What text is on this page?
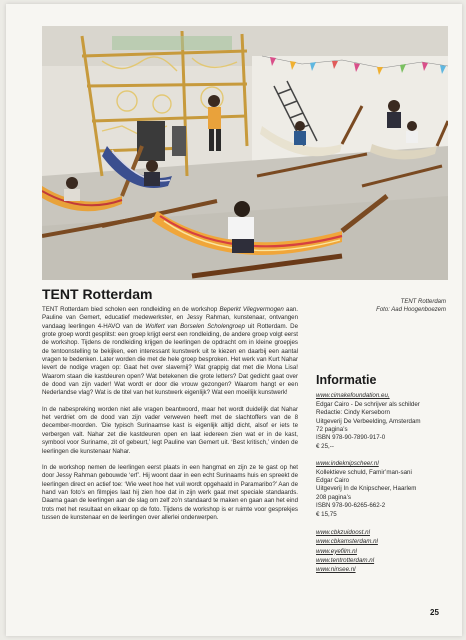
TENT Rotterdam
Foto: Aad Hoogenboezem
TENT Rotterdam

TENT Rotterdam bied scholen een rondleiding en de workshop Beperkt Vliegvermogen aan. Pauline van Gemert, educatief medewerkster, en Jessy Rahman, kunstenaar, ontvangen vandaag leerlingen 4-HAVO van de Wolfert van Borselen Scholengroep uit Rotterdam. De grote groep wordt gesplitst: een groep krijgt eerst een rondleiding, de andere groep volgt eerst de workshop. Tijdens de rondleiding krijgen de leerlingen de opdracht om in kleine groepjes de tentoonstelling te bekijken, een interessant kunstwerk uit te kiezen en daarbij een aantal vragen te bedenken. Later worden die met de hele groep besproken. Het werk van Kurt Nahar levert de nodige vragen op: Gaat het over slavernij? Wat grappig dat met die Mona Lisa! Waarom staan die kastdeuren open? Wat betekenen die grote letters? Dat gedicht gaat over de dood van zijn vader! Wat wordt er door die vrouw gezongen? Waarom hangt er een Nederlandse vlag? Wat is de titel van het kunstwerk eigenlijk? Wat een moeilijk kunstwerk!

In de nabespreking worden niet alle vragen beantwoord, maar het wordt duidelijk dat Nahar het verdriet om de dood van zijn vader verweven heeft met de slachtoffers van de 8 december-moorden. ‘Die typisch Surinaamse kast is eigenlijk altijd dicht, alsof er iets te verbergen valt. Nahar zet die kastdeuren open en laat iedereen zien wat er in de kast, symbool voor Suriname, zit of gebeurt,’ legt Pauline van Gemert uit. ‘Best kritisch,’ vinden de leerlingen die kunstenaar Nahar.

In de workshop nemen de leerlingen eerst plaats in een hangmat en zijn ze te gast op het door Jessy Rahman gebouwde ‘erf’. Hij woont daar in een echt Surinaams huis en spreekt de leerlingen direct en actief toe: ‘Wie weet hoe het vuil wordt opgehaald in Paramaribo?’ Aan de hand van foto’s en filmpjes laat hij zien hoe dat in zijn werk gaat met speciale standaards. Daarna gaan de leerlingen aan de slag om zelf zo’n standaard te maken en gaan aan het eind trots met het resultaat en elkaar op de foto. Tijdens de workshop is er ruimte voor gesprekjes tussen de kunstenaar en de leerlingen over allerlei onderwerpen.

Informatie
www.cimakefoundation.eu,
Edgar Cairo - De schrijver als schilder
Redactie: Cindy Kerseborn
Uitgeverij De Verbeelding, Amsterdam
72 pagina’s
ISBN 978-90-7890-917-0
€ 25,--
www.indeknipscheer.nl
Kollektieve schuld, Famir’man-sani
Edgar Cairo
Uitgeverij In de Knipscheer, Haarlem
208 pagina’s
ISBN 978-90-6265-662-2
€ 15,75
www.cbkzuidoost.nl
www.cbkamsterdam.nl
www.eyefilm.nl
www.tentrotterdam.nl
www.ninsee.nl
25
